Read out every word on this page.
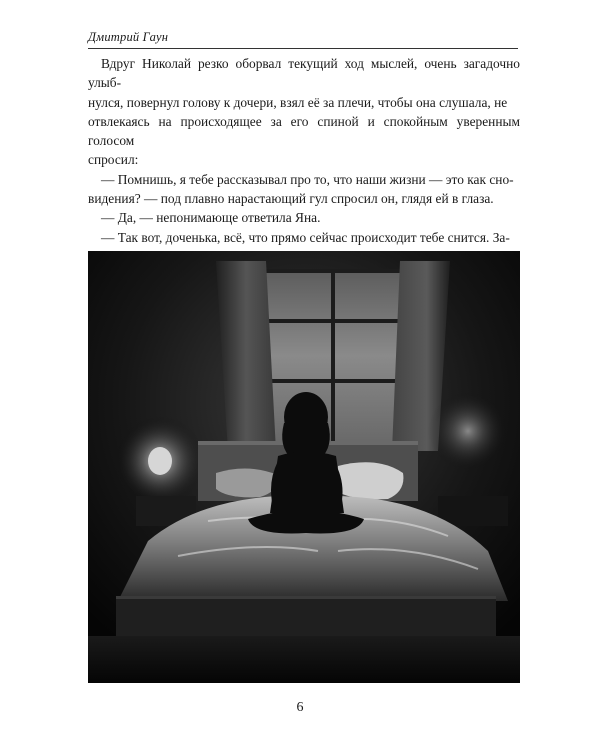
Дмитрий Гаун

Вдруг Николай резко оборвал текущий ход мыслей, очень загадочно улыб-
нулся, повернул голову к дочери, взял её за плечи, чтобы она слушала, не
отвлекаясь на происходящее за его спиной и спокойным уверенным голосом
спросил:

— Помнишь, я тебе рассказывал про то, что наши жизни — это как сно-
видения? — под плавно нарастающий гул спросил он, глядя ей в глаза.

— Да, — непонимающе ответила Яна.

— Так вот, доченька, всё, что прямо сейчас происходит тебе снится. За-

6
